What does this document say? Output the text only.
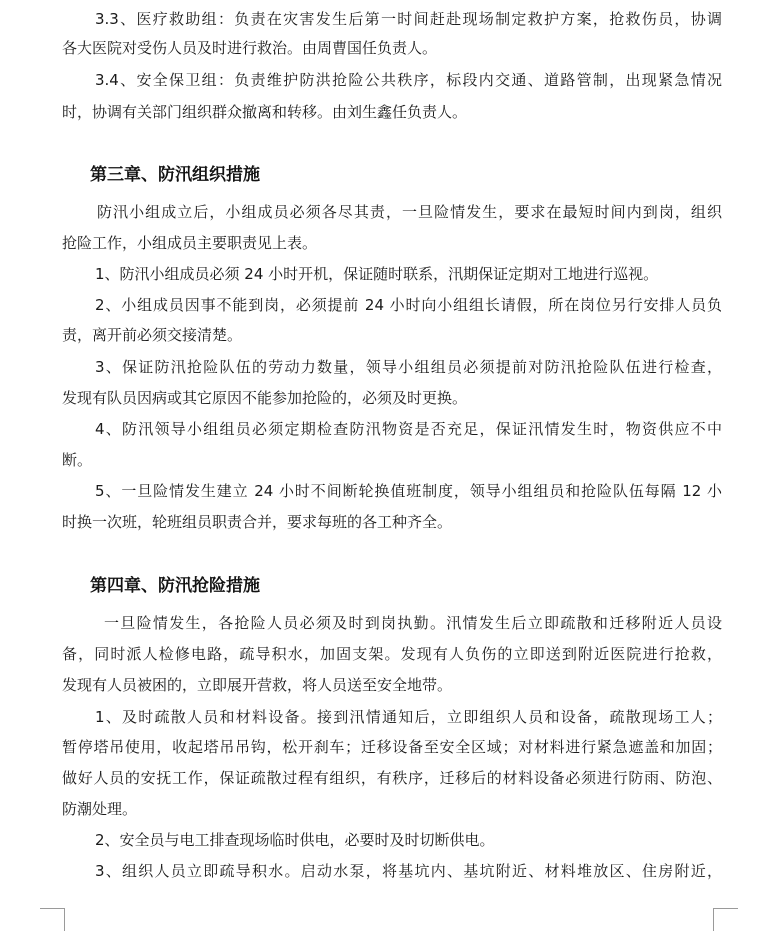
3.3、医疗救助组：负责在灾害发生后第一时间赶赴现场制定救护方案，抢救伤员，协调
各大医院对受伤人员及时进行救治。由周曹国任负责人。
3.4、安全保卫组：负责维护防洪抢险公共秩序，标段内交通、道路管制，出现紧急情况
时，协调有关部门组织群众撤离和转移。由刘生鑫任负责人。
第三章、防汛组织措施
防汛小组成立后，小组成员必须各尽其责，一旦险情发生，要求在最短时间内到岗，组织
抢险工作，小组成员主要职责见上表。
1、防汛小组成员必须 24 小时开机，保证随时联系，汛期保证定期对工地进行巡视。
2、小组成员因事不能到岗，必须提前 24 小时向小组组长请假，所在岗位另行安排人员负
责，离开前必须交接清楚。
3、保证防汛抢险队伍的劳动力数量，领导小组组员必须提前对防汛抢险队伍进行检查，
发现有队员因病或其它原因不能参加抢险的，必须及时更换。
4、防汛领导小组组员必须定期检查防汛物资是否充足，保证汛情发生时，物资供应不中
断。
5、一旦险情发生建立 24 小时不间断轮换值班制度，领导小组组员和抢险队伍每隔 12 小
时换一次班，轮班组员职责合并，要求每班的各工种齐全。
第四章、防汛抢险措施
一旦险情发生，各抢险人员必须及时到岗执勤。汛情发生后立即疏散和迁移附近人员设
备，同时派人检修电路，疏导积水，加固支架。发现有人负伤的立即送到附近医院进行抢救，
发现有人员被困的，立即展开营救，将人员送至安全地带。
1、及时疏散人员和材料设备。接到汛情通知后，立即组织人员和设备，疏散现场工人；
暂停塔吊使用，收起塔吊吊钩，松开刹车；迁移设备至安全区域；对材料进行紧急遮盖和加固；
做好人员的安抚工作，保证疏散过程有组织，有秩序，迁移后的材料设备必须进行防雨、防泡、
防潮处理。
2、安全员与电工排查现场临时供电，必要时及时切断供电。
3、组织人员立即疏导积水。启动水泵，将基坑内、基坑附近、材料堆放区、住房附近，
